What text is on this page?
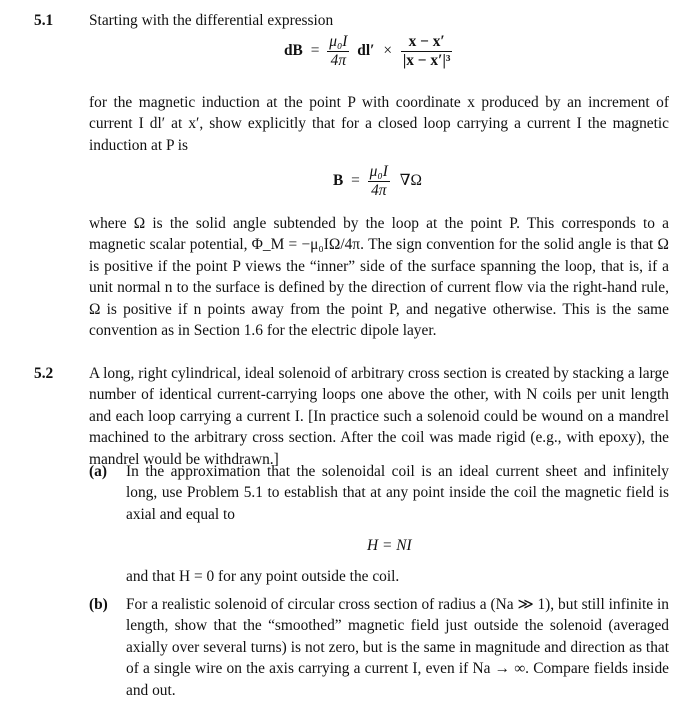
5.1 Starting with the differential expression
dB = $\frac{\text{μ₀I}}{4\pi} dl' \times \frac{x - x'}{\text{|x − x′|³}}$
for the magnetic induction at the point P with coordinate x produced by an increment of current I dl′ at x′, show explicitly that for a closed loop carrying a current I the magnetic induction at P is
$B = \frac{\text{μ₀I}}{4\pi} \nabla\Omega$
where Ω is the solid angle subtended by the loop at the point P. This corresponds to a magnetic scalar potential, Φ_M = −μ₀IΩ/4π. The sign convention for the solid angle is that Ω is positive if the point P views the “inner” side of the surface spanning the loop, that is, if a unit normal n to the surface is defined by the direction of current flow via the right-hand rule, Ω is positive if n points away from the point P, and negative otherwise. This is the same convention as in Section 1.6 for the electric dipole layer.
5.2 A long, right cylindrical, ideal solenoid of arbitrary cross section is created by stacking a large number of identical current-carrying loops one above the other, with N coils per unit length and each loop carrying a current I. [In practice such a solenoid could be wound on a mandrel machined to the arbitrary cross section. After the coil was made rigid (e.g., with epoxy), the mandrel would be withdrawn.]
(a) In the approximation that the solenoidal coil is an ideal current sheet and infinitely long, use Problem 5.1 to establish that at any point inside the coil the magnetic field is axial and equal to
H = NI
and that H = 0 for any point outside the coil.
(b) For a realistic solenoid of circular cross section of radius a (Na ≫ 1), but still infinite in length, show that the “smoothed” magnetic field just outside the solenoid (averaged axially over several turns) is not zero, but is the same in magnitude and direction as that of a single wire on the axis carrying a current I, even if Na → ∞. Compare fields inside and out.
